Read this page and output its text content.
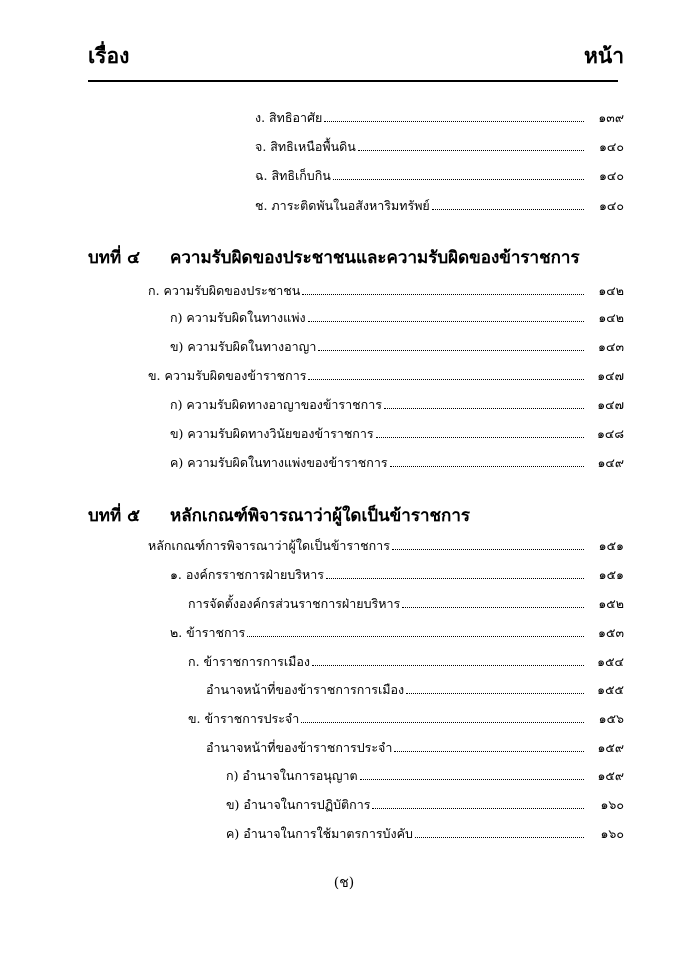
เรื่อง	หน้า
ง. สิทธิอาศัย	๑๓๙
จ. สิทธิเหนือพื้นดิน	๑๔๐
ฉ. สิทธิเก็บกิน	๑๔๐
ช. ภาระติดพันในอสังหาริมทรัพย์	๑๔๐
บทที่ ๔ ความรับผิดของประชาชนและความรับผิดของข้าราชการ
ก. ความรับผิดของประชาชน	๑๔๒
ก) ความรับผิดในทางแพ่ง	๑๔๒
ข) ความรับผิดในทางอาญา	๑๔๓
ข. ความรับผิดของข้าราชการ	๑๔๗
ก) ความรับผิดทางอาญาของข้าราชการ	๑๔๗
ข) ความรับผิดทางวินัยของข้าราชการ	๑๔๘
ค) ความรับผิดในทางแพ่งของข้าราชการ	๑๔๙
บทที่ ๕ หลักเกณฑ์พิจารณาว่าผู้ใดเป็นข้าราชการ
หลักเกณฑ์การพิจารณาว่าผู้ใดเป็นข้าราชการ	๑๕๑
๑. องค์กรราชการฝ่ายบริหาร	๑๕๑
การจัดตั้งองค์กรส่วนราชการฝ่ายบริหาร	๑๕๒
๒. ข้าราชการ	๑๕๓
ก. ข้าราชการการเมือง	๑๕๔
อำนาจหน้าที่ของข้าราชการการเมือง	๑๕๕
ข. ข้าราชการประจำ	๑๕๖
อำนาจหน้าที่ของข้าราชการประจำ	๑๕๙
ก) อำนาจในการอนุญาต	๑๕๙
ข) อำนาจในการปฏิบัติการ	๑๖๐
ค) อำนาจในการใช้มาตรการบังคับ	๑๖๐
(ช)
